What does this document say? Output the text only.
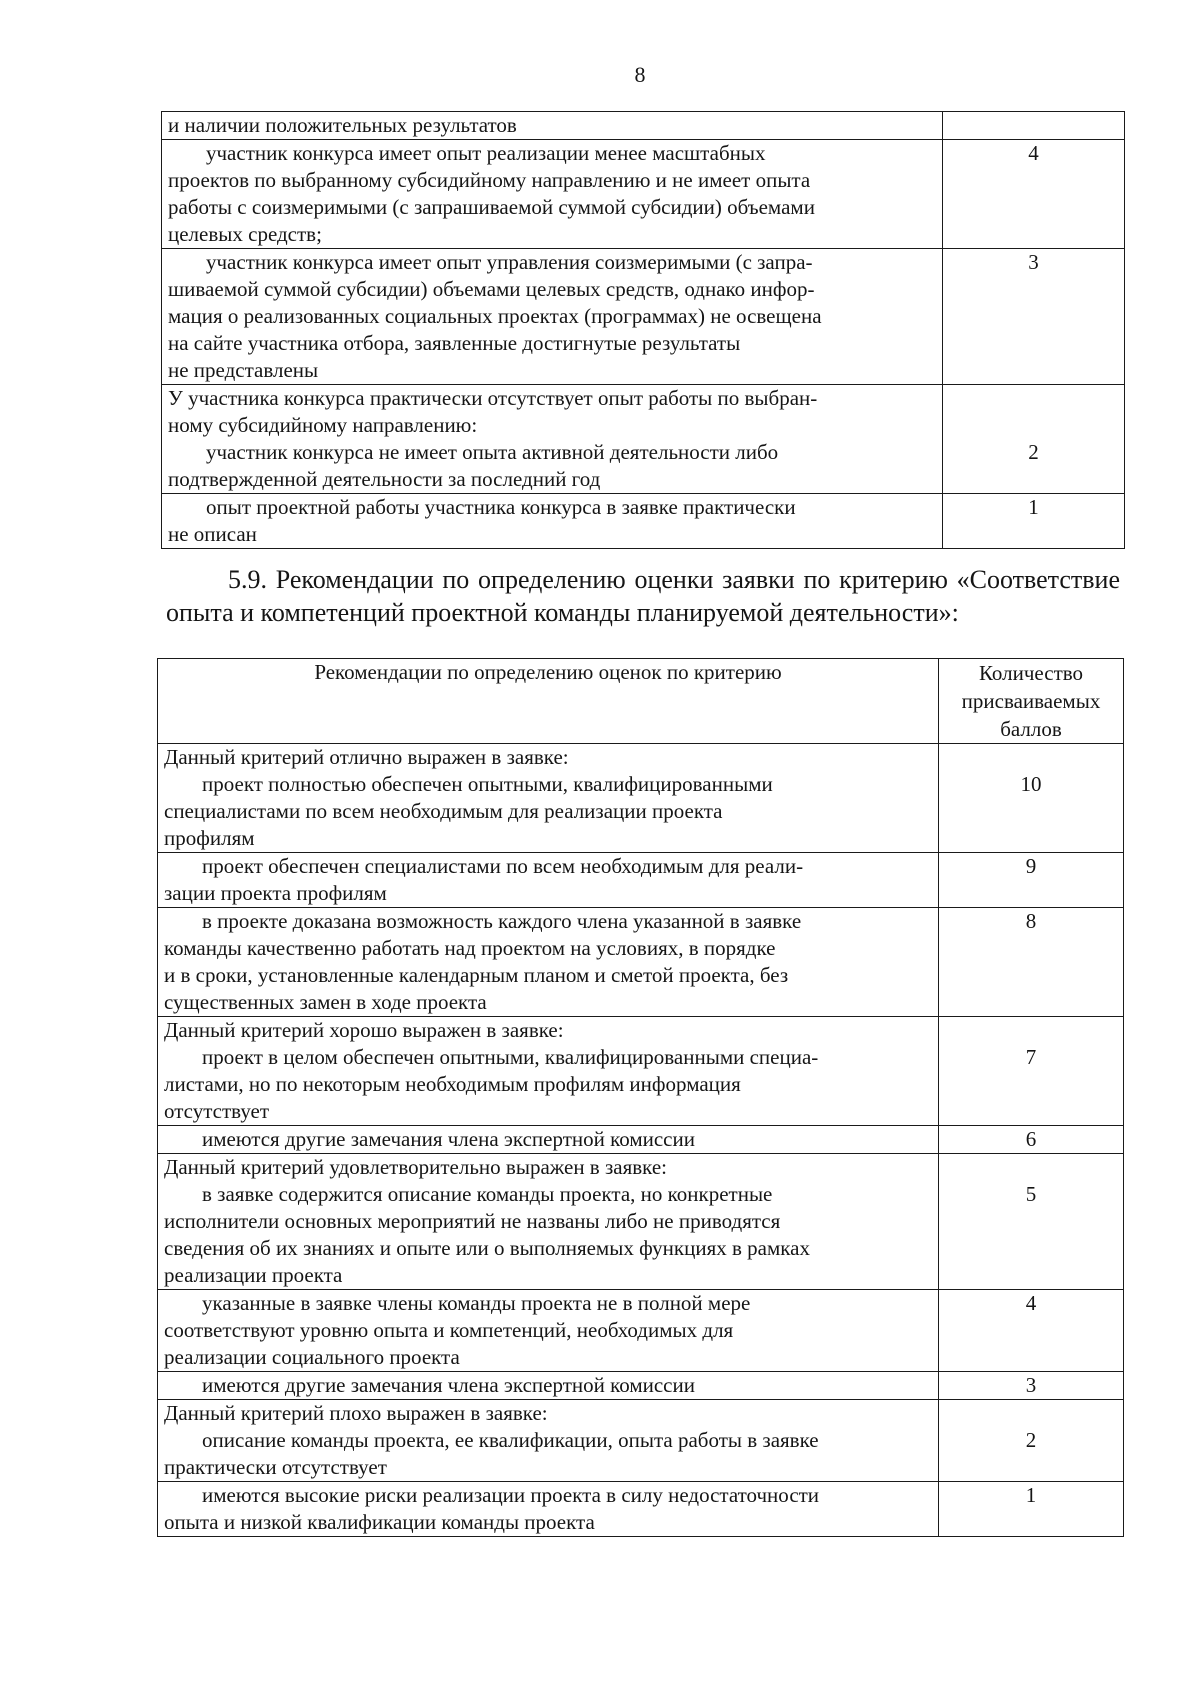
8
и наличии положительных результатов	

участник конкурса имеет опыт реализации менее масштабных
проектов по выбранному субсидийному направлению и не имеет опыта
работы с соизмеримыми (с запрашиваемой суммой субсидии) объемами
целевых средств;	4

участник конкурса имеет опыт управления соизмеримыми (с запра-
шиваемой суммой субсидии) объемами целевых средств, однако инфор-
мация о реализованных социальных проектах (программах) не освещена
на сайте участника отбора, заявленные достигнутые результаты
не представлены	3

У участника конкурса практически отсутствует опыт работы по выбран-
ному субсидийному направлению:
участник конкурса не имеет опыта активной деятельности либо
подтвержденной деятельности за последний год	2

опыт проектной работы участника конкурса в заявке практически
не описан	1

5.9. Рекомендации по определению оценки заявки по критерию «Соответствие опыта и компетенций проектной команды планируемой деятельности»:

Рекомендации по определению оценок по критерию	Количество
присваиваемых
баллов

Данный критерий отлично выражен в заявке:
проект полностью обеспечен опытными, квалифицированными
специалистами по всем необходимым для реализации проекта
профилям	10

проект обеспечен специалистами по всем необходимым для реали-
зации проекта профилям	9

в проекте доказана возможность каждого члена указанной в заявке
команды качественно работать над проектом на условиях, в порядке
и в сроки, установленные календарным планом и сметой проекта, без
существенных замен в ходе проекта	8

Данный критерий хорошо выражен в заявке:
проект в целом обеспечен опытными, квалифицированными специа-
листами, но по некоторым необходимым профилям информация
отсутствует	7

имеются другие замечания члена экспертной комиссии	6

Данный критерий удовлетворительно выражен в заявке:
в заявке содержится описание команды проекта, но конкретные
исполнители основных мероприятий не названы либо не приводятся
сведения об их знаниях и опыте или о выполняемых функциях в рамках
реализации проекта	5

указанные в заявке члены команды проекта не в полной мере
соответствуют уровню опыта и компетенций, необходимых для
реализации социального проекта	4

имеются другие замечания члена экспертной комиссии	3

Данный критерий плохо выражен в заявке:
описание команды проекта, ее квалификации, опыта работы в заявке
практически отсутствует	2

имеются высокие риски реализации проекта в силу недостаточности
опыта и низкой квалификации команды проекта	1
